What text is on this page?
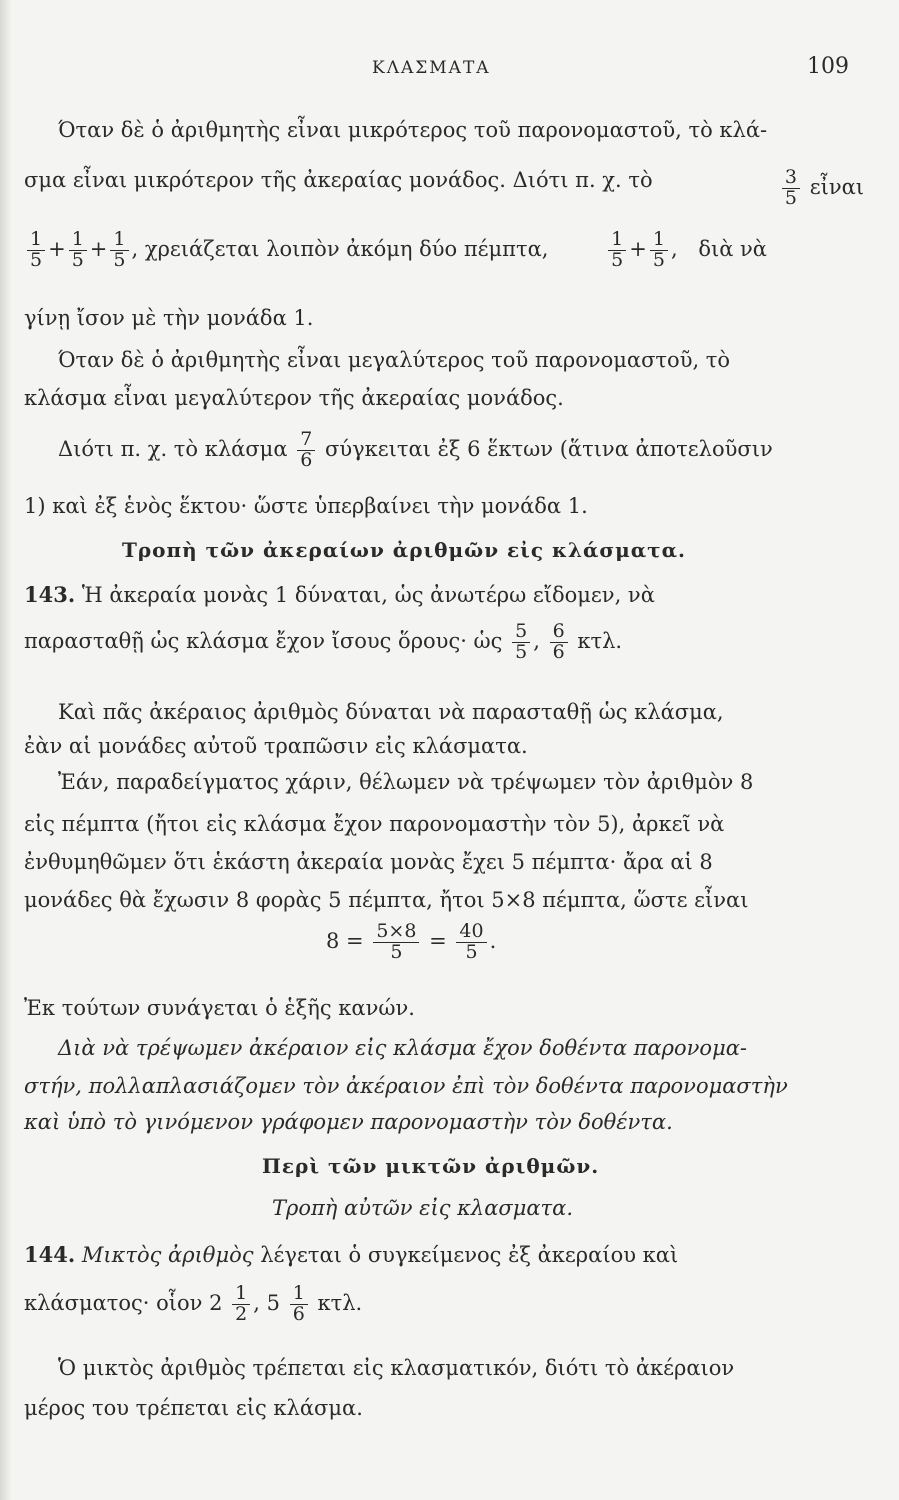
ΚΛΑΣΜΑΤΑ	109
Όταν δὲ ὁ ἀριθμητὴς εἶναι μικρότερος τοῦ παρονομαστοῦ, τὸ κλά-
σμα εἶναι μικρότερον τῆς ἀκεραίας μονάδος. Διότι π. χ. τὸ	$\frac{3}{5}$ εἶναι
$\frac{1}{5} + \frac{1}{5} + \frac{1}{5}$ , χρειάζεται λοιπὸν ἀκόμη δύο πέμπτα,	$\frac{1}{5} + \frac{1}{5}$ , διὰ νὰ
γίνῃ ἴσον μὲ τὴν μονάδα 1.
Όταν δὲ ὁ ἀριθμητὴς εἶναι μεγαλύτερος τοῦ παρονομαστοῦ, τὸ
κλάσμα εἶναι μεγαλύτερον τῆς ἀκεραίας μονάδος.
Διότι π. χ. τὸ κλάσμα $\frac{7}{6}$ σύγκειται ἐξ 6 ἕκτων (ἅτινα ἀποτελοῦσιν
1) καὶ ἐξ ἑνὸς ἕκτου· ὥστε ὑπερβαίνει τὴν μονάδα 1.
Τροπὴ τῶν ἀκεραίων ἀριθμῶν εἰς κλάσματα.
143. Ἡ ἀκεραία μονὰς 1 δύναται, ὡς ἀνωτέρω εἴδομεν, νὰ
παρασταθῇ ὡς κλάσμα ἔχον ἴσους ὅρους· ὡς $\frac{5}{5}$ , $\frac{6}{6} \kappa\tau\lambda$.
Καὶ πᾶς ἀκέραιος ἀριθμὸς δύναται νὰ παρασταθῇ ὡς κλάσμα,
ἐὰν αἱ μονάδες αὐτοῦ τραπῶσιν εἰς κλάσματα.
Ἐάν, παραδείγματος χάριν, θέλωμεν νὰ τρέψωμεν τὸν ἀριθμὸν 8
εἰς πέμπτα (ἤτοι εἰς κλάσμα ἔχον παρονομαστὴν τὸν 5), ἀρκεῖ νὰ
ἐνθυμηθῶμεν ὅτι ἑκάστη ἀκεραία μονὰς ἔχει 5 πέμπτα· ἄρα αἱ 8
μονάδες θὰ ἔχωσιν 8 φορὰς 5 πέμπτα, ἤτοι 5×8 πέμπτα, ὥστε εἶναι
$8 = \frac{5\times 8}{5} = \frac{40}{5}$ .
Ἐκ τούτων συνάγεται ὁ ἑξῆς κανών.
Διὰ νὰ τρέψωμεν ἀκέραιον εἰς κλάσμα ἔχον δοθέντα παρονομα-
στήν, πολλαπλασιάζομεν τὸν ἀκέραιον ἐπὶ τὸν δοθέντα παρονομαστὴν
καὶ ὑπὸ τὸ γινόμενον γράφομεν παρονομαστὴν τὸν δοθέντα.
Περὶ τῶν μικτῶν ἀριθμῶν.
Τροπὴ αὐτῶν εἰς κλασματα.
144. Μικτὸς ἀριθμὸς λέγεται ὁ συγκείμενος ἐξ ἀκεραίου καὶ
κλάσματος· οἷον $2 \frac{1}{2}$ , $5 \frac{1}{6} \kappa\tau\lambda$.
Ὁ μικτὸς ἀριθμὸς τρέπεται εἰς κλασματικόν, διότι τὸ ἀκέραιον
μέρος του τρέπεται εἰς κλάσμα.
